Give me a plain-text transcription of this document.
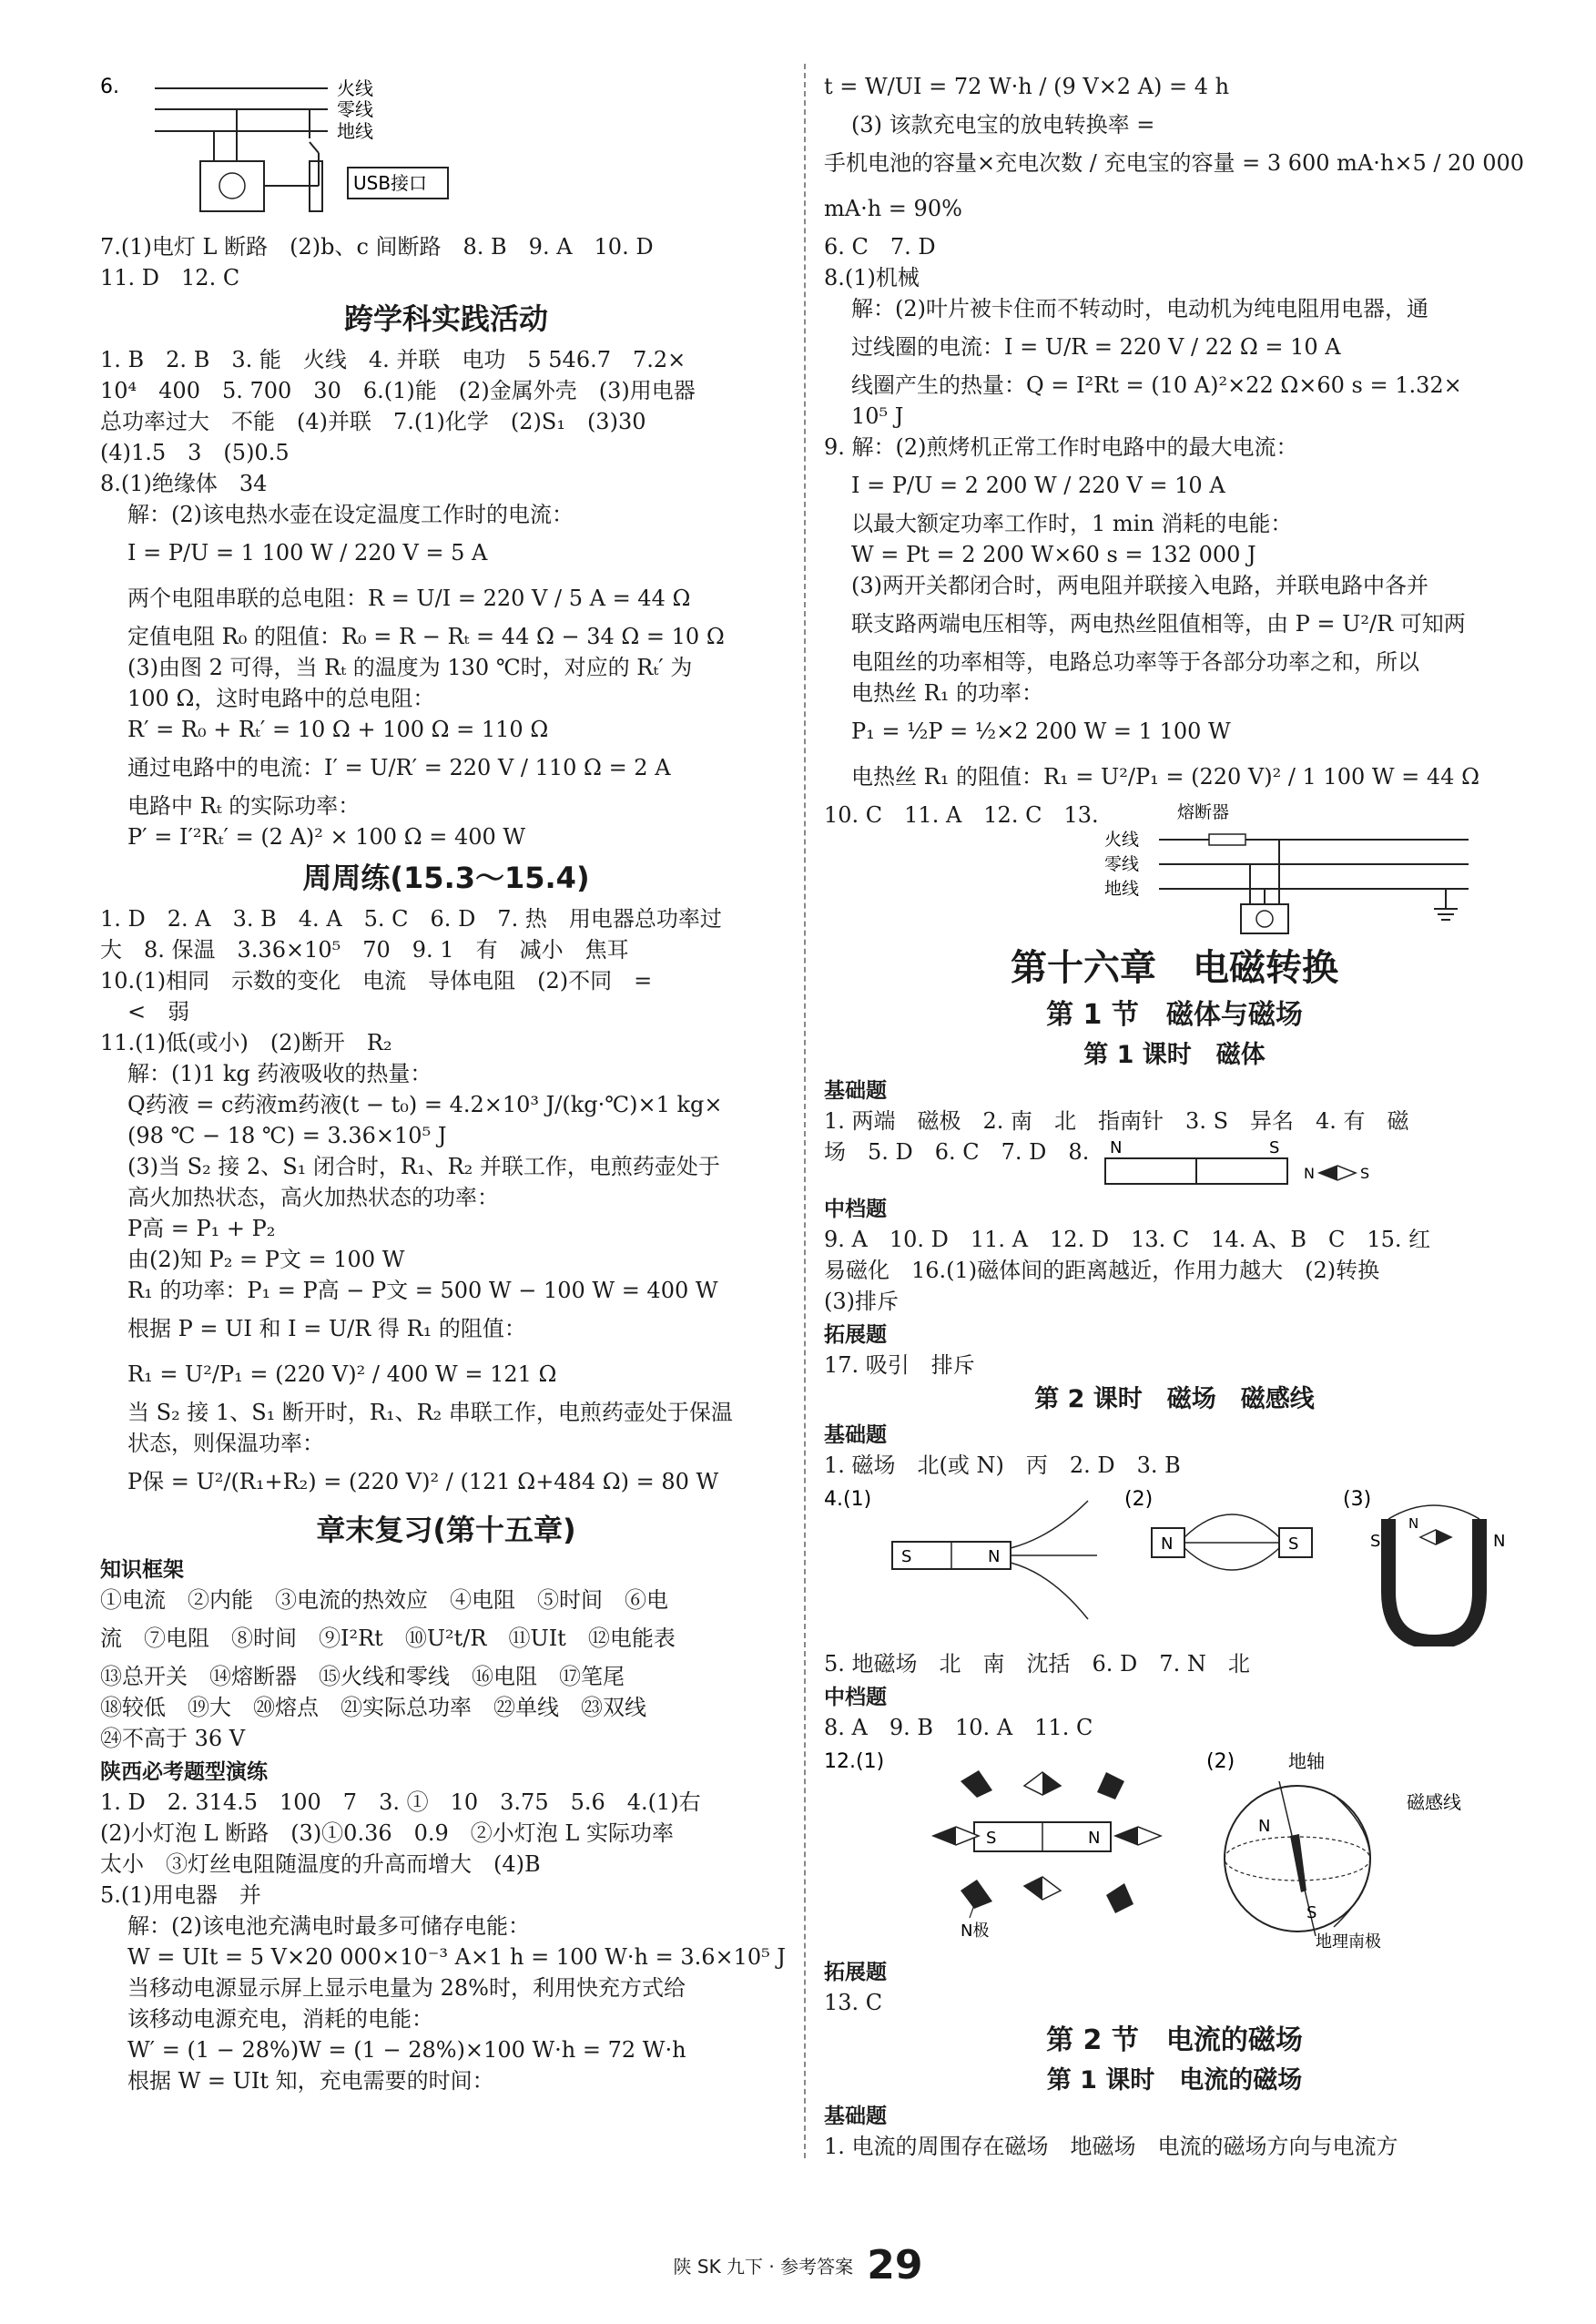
6.	火线
零线
地线
USB接口

7.(1)电灯 L 断路　(2)b、c 间断路　8. B　9. A　10. D

11. D　12. C

跨学科实践活动

1. B　2. B　3. 能　火线　4. 并联　电功　5 546.7　7.2×

10⁴　400　5. 700　30　6.(1)能　(2)金属外壳　(3)用电器

总功率过大　不能　(4)并联　7.(1)化学　(2)S₁　(3)30

(4)1.5　3　(5)0.5

8.(1)绝缘体　34

解：(2)该电热水壶在设定温度工作时的电流：

I = P/U = 1 100 W / 220 V = 5 A

两个电阻串联的总电阻：R = U/I = 220 V / 5 A = 44 Ω

定值电阻 R₀ 的阻值：R₀ = R − Rₜ = 44 Ω − 34 Ω = 10 Ω

(3)由图 2 可得，当 Rₜ 的温度为 130 ℃时，对应的 Rₜ′ 为

100 Ω，这时电路中的总电阻：

R′ = R₀ + Rₜ′ = 10 Ω + 100 Ω = 110 Ω

通过电路中的电流：I′ = U/R′ = 220 V / 110 Ω = 2 A

电路中 Rₜ 的实际功率：

P′ = I′²Rₜ′ = (2 A)² × 100 Ω = 400 W

周周练(15.3～15.4)

1. D　2. A　3. B　4. A　5. C　6. D　7. 热　用电器总功率过

大　8. 保温　3.36×10⁵　70　9. 1　有　减小　焦耳

10.(1)相同　示数的变化　电流　导体电阻　(2)不同　=

<　弱

11.(1)低(或小)　(2)断开　R₂

解：(1)1 kg 药液吸收的热量：

Q药液 = c药液m药液(t − t₀) = 4.2×10³ J/(kg·℃)×1 kg×

(98 ℃ − 18 ℃) = 3.36×10⁵ J

(3)当 S₂ 接 2、S₁ 闭合时，R₁、R₂ 并联工作，电煎药壶处于

高火加热状态，高火加热状态的功率：

P高 = P₁ + P₂

由(2)知 P₂ = P文 = 100 W

R₁ 的功率：P₁ = P高 − P文 = 500 W − 100 W = 400 W

根据 P = UI 和 I = U/R 得 R₁ 的阻值：

R₁ = U²/P₁ = (220 V)² / 400 W = 121 Ω

当 S₂ 接 1、S₁ 断开时，R₁、R₂ 串联工作，电煎药壶处于保温

状态，则保温功率：

P保 = U²/(R₁+R₂) = (220 V)² / (121 Ω+484 Ω) = 80 W

章末复习(第十五章)

知识框架

①电流　②内能　③电流的热效应　④电阻　⑤时间　⑥电

流　⑦电阻　⑧时间　⑨I²Rt　⑩U²t/R　⑪UIt　⑫电能表

⑬总开关　⑭熔断器　⑮火线和零线　⑯电阻　⑰笔尾

⑱较低　⑲大　⑳熔点　㉑实际总功率　㉒单线　㉓双线

㉔不高于 36 V

陕西必考题型演练

1. D　2. 314.5　100　7　3. ①　10　3.75　5.6　4.(1)右

(2)小灯泡 L 断路　(3)①0.36　0.9　②小灯泡 L 实际功率

太小　③灯丝电阻随温度的升高而增大　(4)B

5.(1)用电器　并

解：(2)该电池充满电时最多可储存电能：

W = UIt = 5 V×20 000×10⁻³ A×1 h = 100 W·h = 3.6×10⁵ J

当移动电源显示屏上显示电量为 28%时，利用快充方式给

该移动电源充电，消耗的电能：

W′ = (1 − 28%)W = (1 − 28%)×100 W·h = 72 W·h

根据 W = UIt 知，充电需要的时间：

t = W/UI = 72 W·h / (9 V×2 A) = 4 h

(3) 该款充电宝的放电转换率 =

手机电池的容量×充电次数 / 充电宝的容量 = 3 600 mA·h×5 / 20 000 mA·h = 90%

6. C　7. D

8.(1)机械

解：(2)叶片被卡住而不转动时，电动机为纯电阻用电器，通

过线圈的电流：I = U/R = 220 V / 22 Ω = 10 A

线圈产生的热量：Q = I²Rt = (10 A)²×22 Ω×60 s = 1.32×

10⁵ J

9. 解：(2)煎烤机正常工作时电路中的最大电流：

I = P/U = 2 200 W / 220 V = 10 A

以最大额定功率工作时，1 min 消耗的电能：

W = Pt = 2 200 W×60 s = 132 000 J

(3)两开关都闭合时，两电阻并联接入电路，并联电路中各并

联支路两端电压相等，两电热丝阻值相等，由 P = U²/R 可知两

电阻丝的功率相等，电路总功率等于各部分功率之和，所以

电热丝 R₁ 的功率：

P₁ = ½P = ½×2 200 W = 1 100 W

电热丝 R₁ 的阻值：R₁ = U²/P₁ = (220 V)² / 1 100 W = 44 Ω

10. C　11. A　12. C　13.	熔断器
火线
零线
地线
第十六章　电磁转换
第 1 节　磁体与磁场
第 1 课时　磁体

基础题

1. 两端　磁极　2. 南　北　指南针　3. S　异名　4. 有　磁

场　5. D　6. C　7. D　8. N	S
N	S

中档题

9. A　10. D　11. A　12. D　13. C　14. A、B　C　15. 红

易磁化　16.(1)磁体间的距离越近，作用力越大　(2)转换

(3)排斥

拓展题

17. 吸引　排斥

第 2 课时　磁场　磁感线

基础题

1. 磁场　北(或 N)　丙　2. D　3. B

4.(1)
S	N
(2)
N	S
(3)
S	N
N

5. 地磁场　北　南　沈括　6. D　7. N　北

中档题

8. A　9. B　10. A　11. C

12.(1)
S	N
N极
(2)	地轴
N
S
磁感线
地理南极

拓展题

13. C

第 2 节　电流的磁场
第 1 课时　电流的磁场

基础题

1. 电流的周围存在磁场　地磁场　电流的磁场方向与电流方

陕 SK 九下 · 参考答案 29
